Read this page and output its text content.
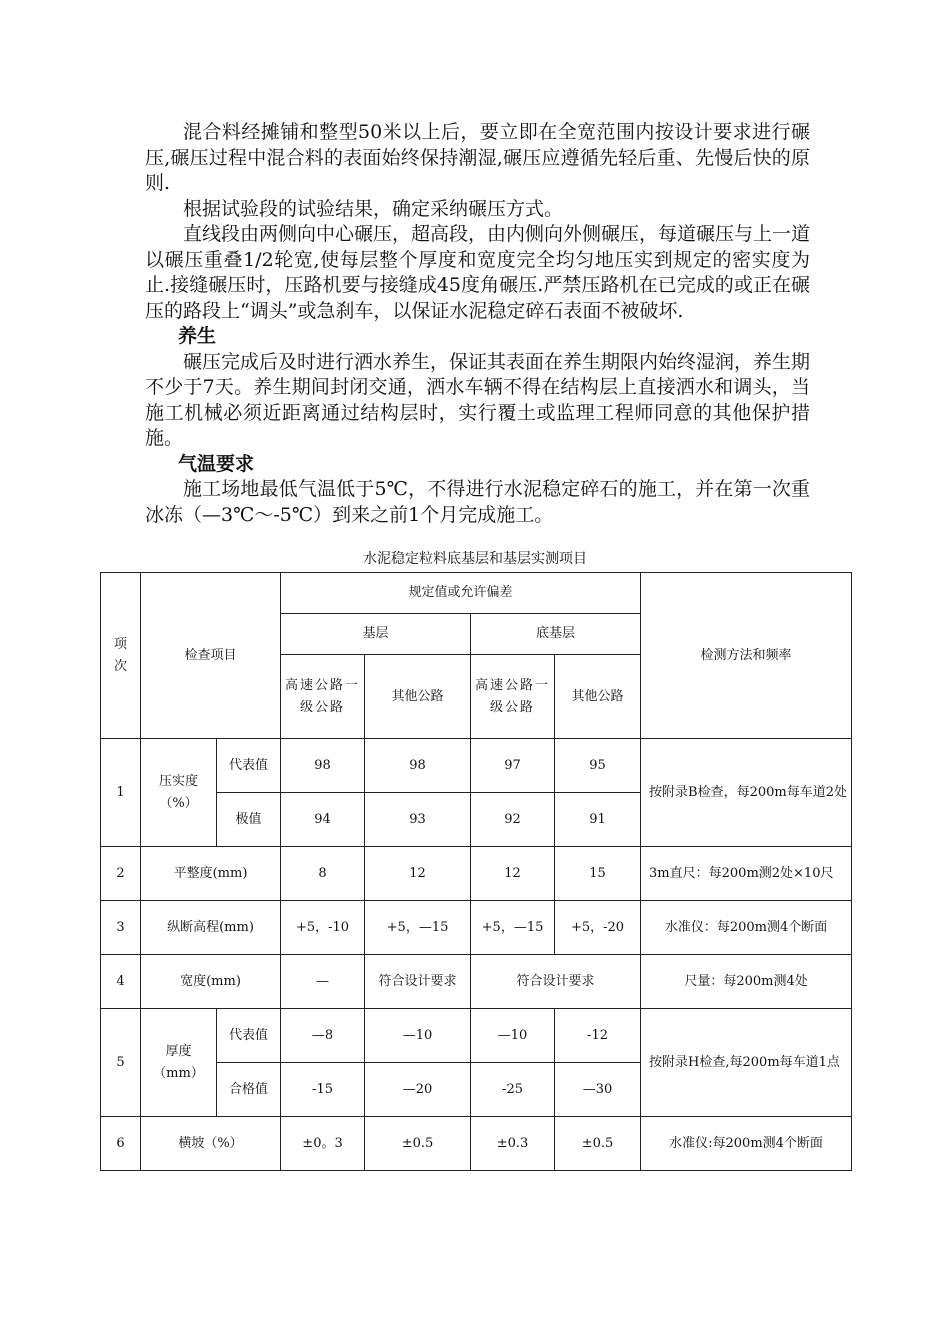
混合料经摊铺和整型50米以上后，要立即在全宽范围内按设计要求进行碾压,碾压过程中混合料的表面始终保持潮湿,碾压应遵循先轻后重、先慢后快的原则.

根据试验段的试验结果，确定采纳碾压方式。

直线段由两侧向中心碾压，超高段，由内侧向外侧碾压，每道碾压与上一道以碾压重叠1/2轮宽,使每层整个厚度和宽度完全均匀地压实到规定的密实度为止.接缝碾压时，压路机要与接缝成45度角碾压.严禁压路机在已完成的或正在碾压的路段上“调头”或急刹车，以保证水泥稳定碎石表面不被破坏.

养生

碾压完成后及时进行洒水养生，保证其表面在养生期限内始终湿润，养生期不少于7天。养生期间封闭交通，洒水车辆不得在结构层上直接洒水和调头，当施工机械必须近距离通过结构层时，实行覆土或监理工程师同意的其他保护措施。

气温要求

施工场地最低气温低于5℃，不得进行水泥稳定碎石的施工，并在第一次重冰冻（—3℃～-5℃）到来之前1个月完成施工。

水泥稳定粒料底基层和基层实测项目

项
次	检查项目		规定值或允许偏差				检测方法和频率
			基层		底基层		
			高速公路一级公路	其他公路	高速公路一级公路	其他公路	
1	压实度（%）	代表值	98	98	97	95	按附录B检查，每200m每车道2处
		极值	94	93	92	91	
2	平整度(mm)		8	12	12	15	3m直尺：每200m测2处×10尺
3	纵断高程(mm)		+5，-10	+5，—15	+5，—15	+5，-20	水准仪：每200m测4个断面
4	宽度(mm)		—	符合设计要求	符合设计要求		尺量：每200m测4处
5	厚度（mm）	代表值	—8	—10	—10	-12	按附录H检查,每200m每车道1点
		合格值	-15	—20	-25	—30	
6	横坡（%）		±0。3	±0.5	±0.3	±0.5	水准仪:每200m测4个断面
